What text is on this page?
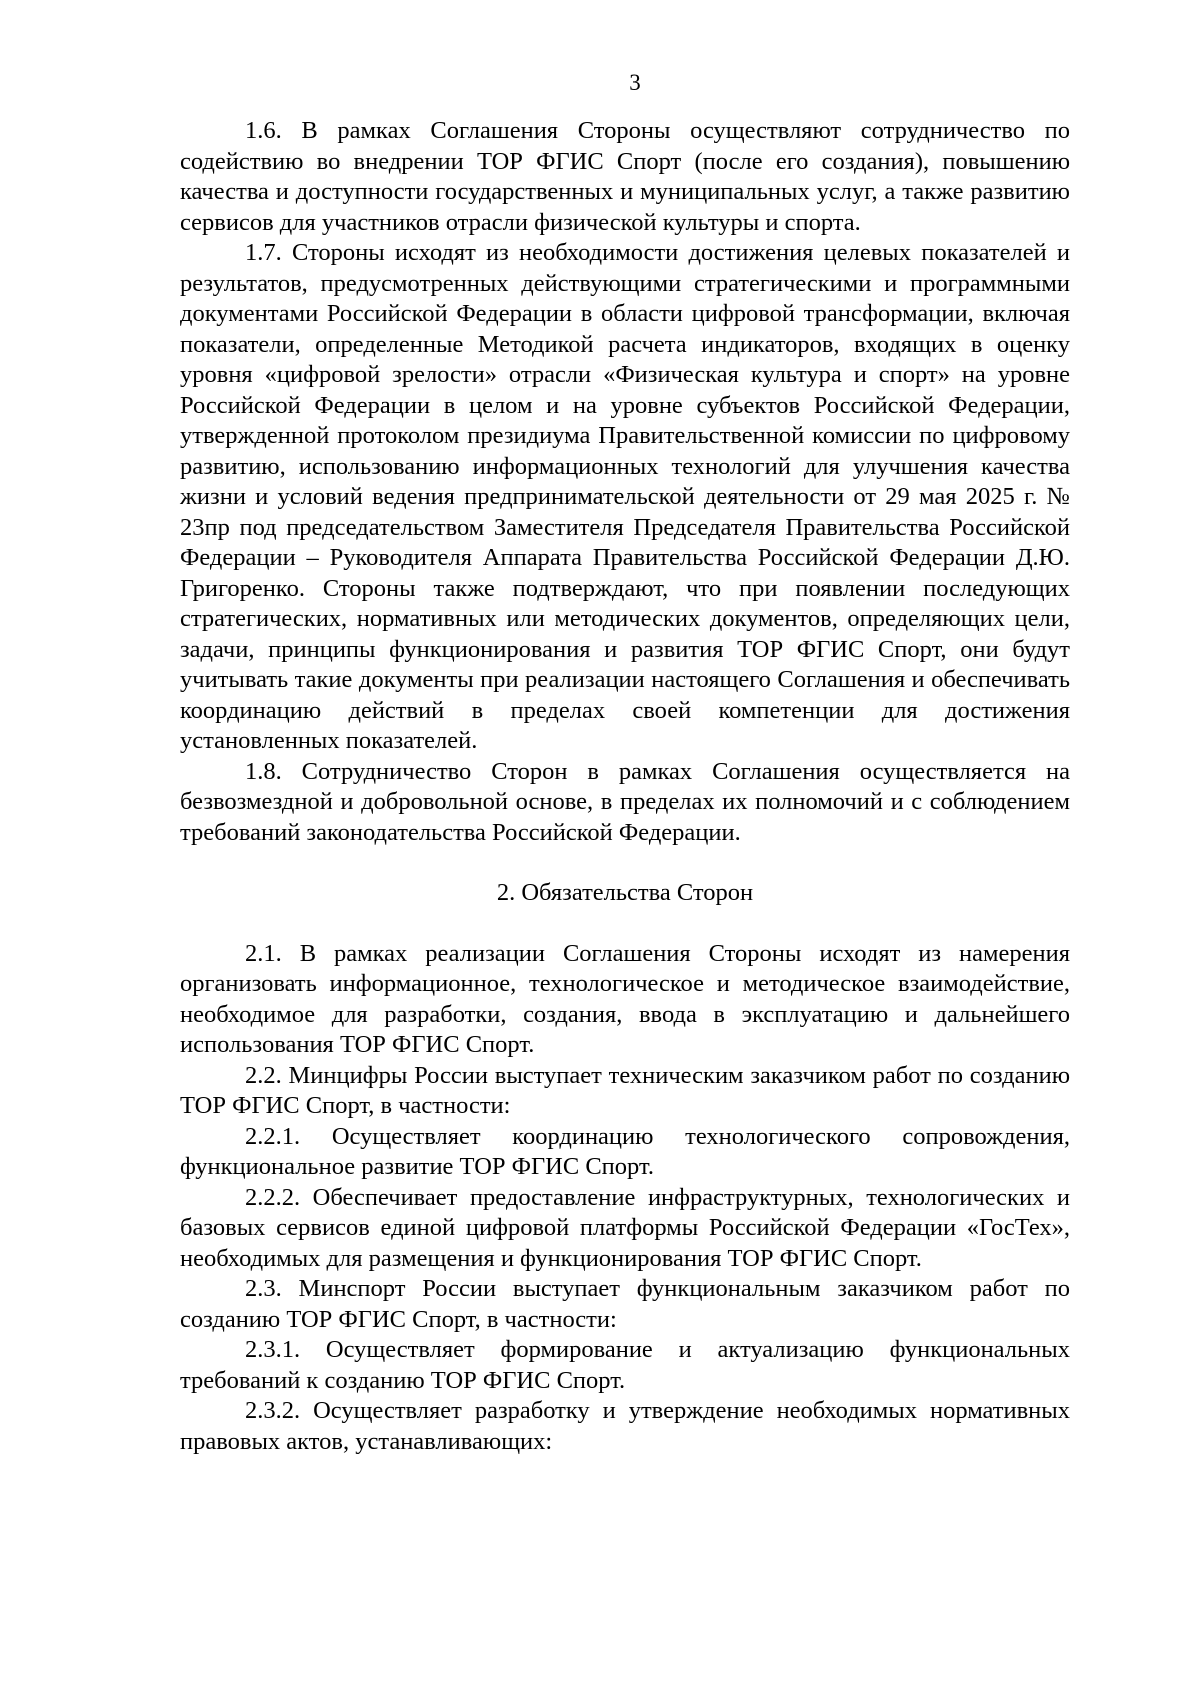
3

1.6. В рамках Соглашения Стороны осуществляют сотрудничество по содействию во внедрении ТОР ФГИС Спорт (после его создания), повышению качества и доступности государственных и муниципальных услуг, а также развитию сервисов для участников отрасли физической культуры и спорта.

1.7. Стороны исходят из необходимости достижения целевых показателей и результатов, предусмотренных действующими стратегическими и программными документами Российской Федерации в области цифровой трансформации, включая показатели, определенные Методикой расчета индикаторов, входящих в оценку уровня «цифровой зрелости» отрасли «Физическая культура и спорт» на уровне Российской Федерации в целом и на уровне субъектов Российской Федерации, утвержденной протоколом президиума Правительственной комиссии по цифровому развитию, использованию информационных технологий для улучшения качества жизни и условий ведения предпринимательской деятельности от 29 мая 2025 г. № 23пр под председательством Заместителя Председателя Правительства Российской Федерации – Руководителя Аппарата Правительства Российской Федерации Д.Ю. Григоренко. Стороны также подтверждают, что при появлении последующих стратегических, нормативных или методических документов, определяющих цели, задачи, принципы функционирования и развития ТОР ФГИС Спорт, они будут учитывать такие документы при реализации настоящего Соглашения и обеспечивать координацию действий в пределах своей компетенции для достижения установленных показателей.

1.8. Сотрудничество Сторон в рамках Соглашения осуществляется на безвозмездной и добровольной основе, в пределах их полномочий и с соблюдением требований законодательства Российской Федерации.

2. Обязательства Сторон

2.1. В рамках реализации Соглашения Стороны исходят из намерения организовать информационное, технологическое и методическое взаимодействие, необходимое для разработки, создания, ввода в эксплуатацию и дальнейшего использования ТОР ФГИС Спорт.

2.2. Минцифры России выступает техническим заказчиком работ по созданию ТОР ФГИС Спорт, в частности:

2.2.1. Осуществляет координацию технологического сопровождения, функциональное развитие ТОР ФГИС Спорт.

2.2.2. Обеспечивает предоставление инфраструктурных, технологических и базовых сервисов единой цифровой платформы Российской Федерации «ГосТех», необходимых для размещения и функционирования ТОР ФГИС Спорт.

2.3. Минспорт России выступает функциональным заказчиком работ по созданию ТОР ФГИС Спорт, в частности:

2.3.1. Осуществляет формирование и актуализацию функциональных требований к созданию ТОР ФГИС Спорт.

2.3.2. Осуществляет разработку и утверждение необходимых нормативных правовых актов, устанавливающих:
